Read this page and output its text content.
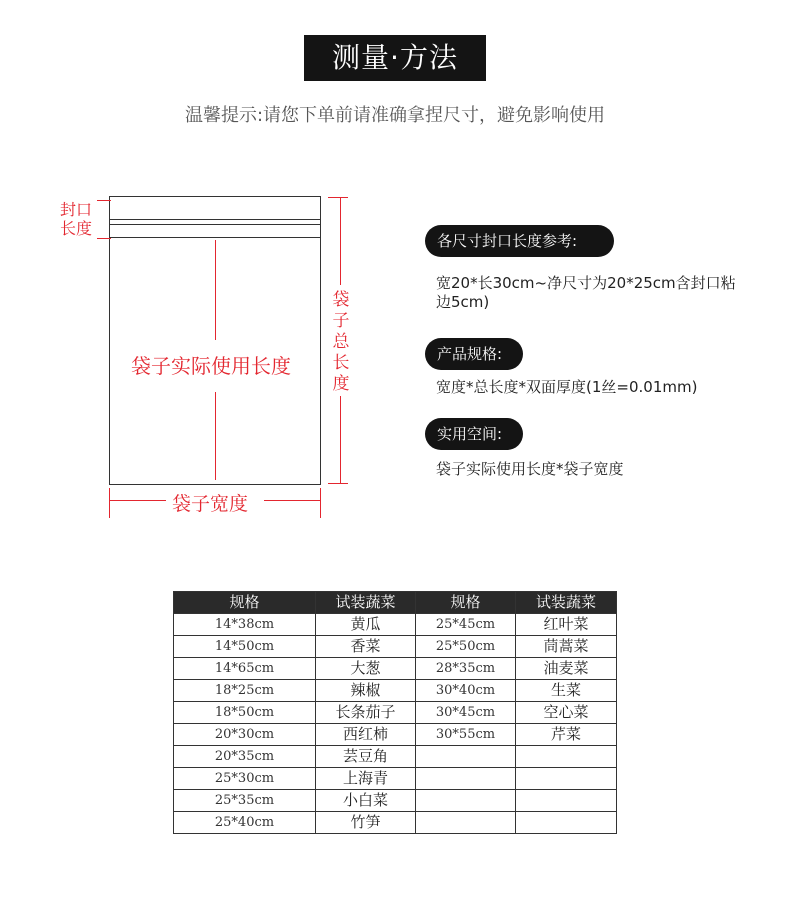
测量·方法
温馨提示:请您下单前请准确拿捏尺寸，避免影响使用
封口长度
袋子实际使用长度
袋子总长度
袋子宽度
各尺寸封口长度参考:
宽20*长30cm~净尺寸为20*25cm含封口粘边5cm)
产品规格:
宽度*总长度*双面厚度(1丝=0.01mm)
实用空间:
袋子实际使用长度*袋子宽度
规格	试装蔬菜	规格	试装蔬菜
14*38cm	黄瓜	25*45cm	红叶菜
14*50cm	香菜	25*50cm	茼蒿菜
14*65cm	大葱	28*35cm	油麦菜
18*25cm	辣椒	30*40cm	生菜
18*50cm	长条茄子	30*45cm	空心菜
20*30cm	西红柿	30*55cm	芹菜
20*35cm	芸豆角		
25*30cm	上海青		
25*35cm	小白菜		
25*40cm	竹笋		
